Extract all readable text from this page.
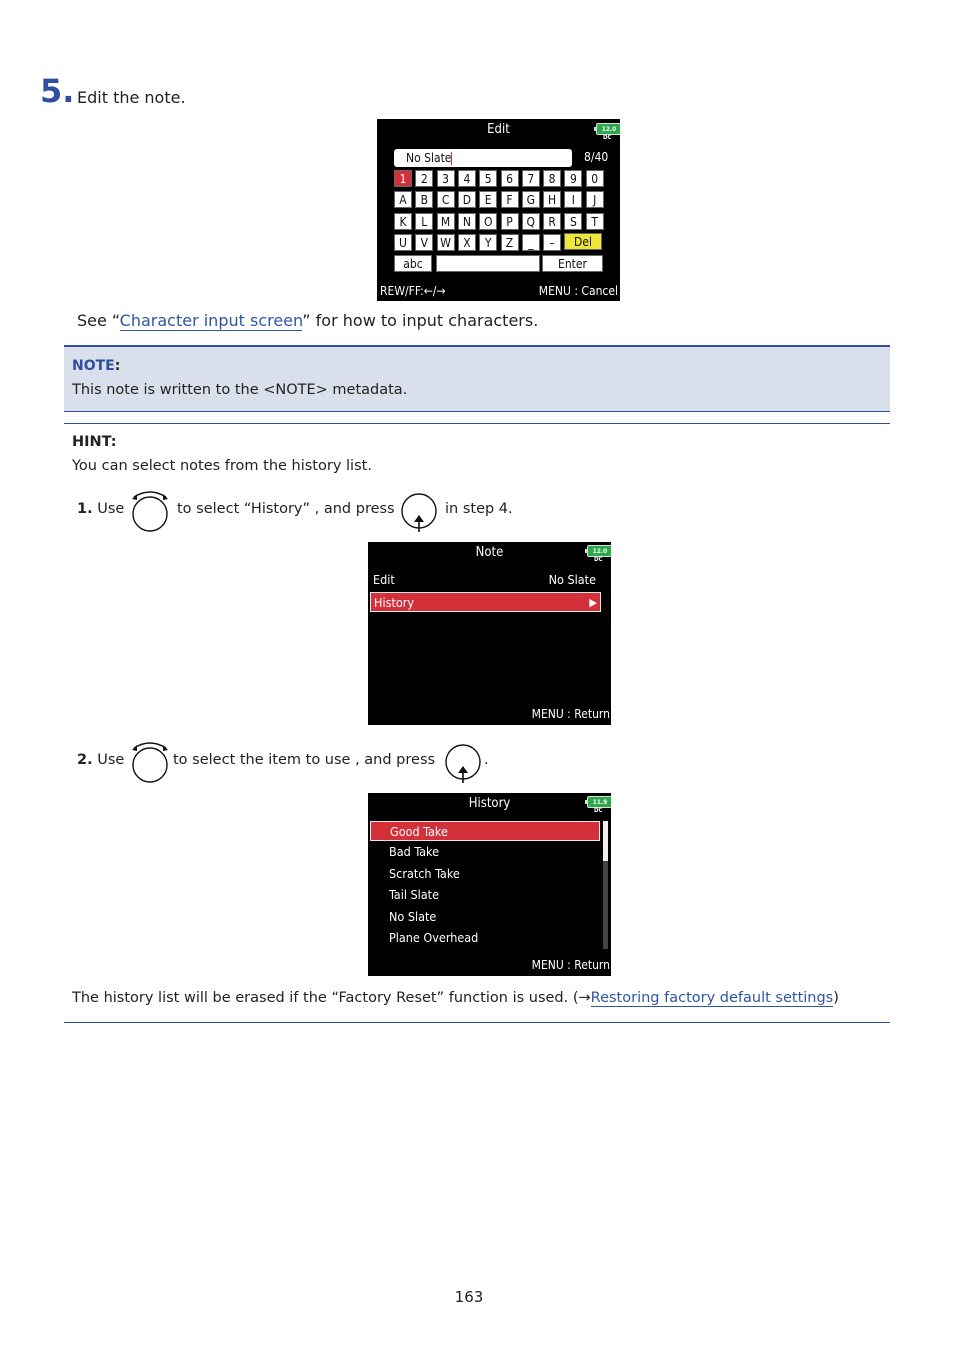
5. Edit the note.
Edit	12.0
DC
No Slate	8/40
1	2	3	4	5	6	7	8	9	0
A	B	C	D	E	F	G	H	I	J
K	L	M	N	O	P	Q	R	S	T
U	V	W	X	Y	Z	_	–	Del
abc	Enter
REW/FF:←/→	MENU : Cancel
See “Character input screen” for how to input characters.
NOTE:
This note is written to the <NOTE> metadata.
HINT:
You can select notes from the history list.
1. Use	to select “History” , and press	in step 4.
Note	12.0
DC
Edit	No Slate
History	▶
MENU : Return
2. Use	to select the item to use , and press	.
History	11.9
DC
Good Take
Bad Take
Scratch Take
Tail Slate
No Slate
Plane Overhead
MENU : Return
The history list will be erased if the “Factory Reset” function is used. (→Restoring factory default settings)
163
